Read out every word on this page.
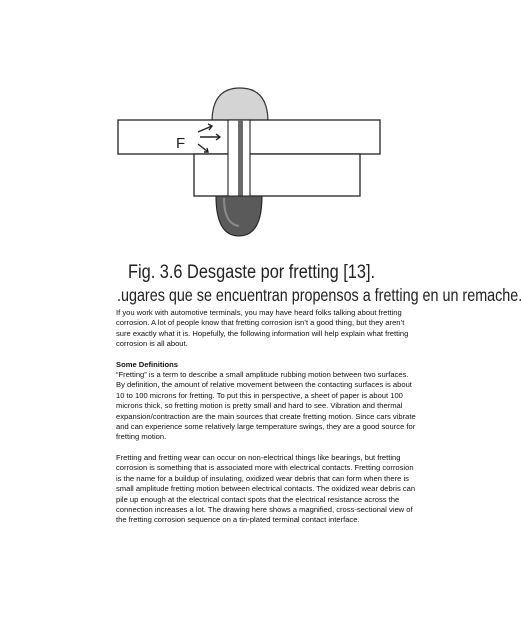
F
Fig. 3.6 Desgaste por fretting [13].
.ugares que se encuentran propensos a fretting en un remache.

If you work with automotive terminals, you may have heard folks talking about fretting corrosion. A lot of people know that fretting corrosion isn’t a good thing, but they aren’t sure exactly what it is. Hopefully, the following information will help explain what fretting corrosion is all about.

Some Definitions

“Fretting” is a term to describe a small amplitude rubbing motion between two surfaces. By definition, the amount of relative movement between the contacting surfaces is about 10 to 100 microns for fretting. To put this in perspective, a sheet of paper is about 100 microns thick, so fretting motion is pretty small and hard to see. Vibration and thermal expansion/contraction are the main sources that create fretting motion. Since cars vibrate and can experience some relatively large temperature swings, they are a good source for fretting motion.

Fretting and fretting wear can occur on non-electrical things like bearings, but fretting corrosion is something that is associated more with electrical contacts. Fretting corrosion is the name for a buildup of insulating, oxidized wear debris that can form when there is small amplitude fretting motion between electrical contacts. The oxidized wear debris can pile up enough at the electrical contact spots that the electrical resistance across the connection increases a lot. The drawing here shows a magnified, cross-sectional view of the fretting corrosion sequence on a tin-plated terminal contact interface.
